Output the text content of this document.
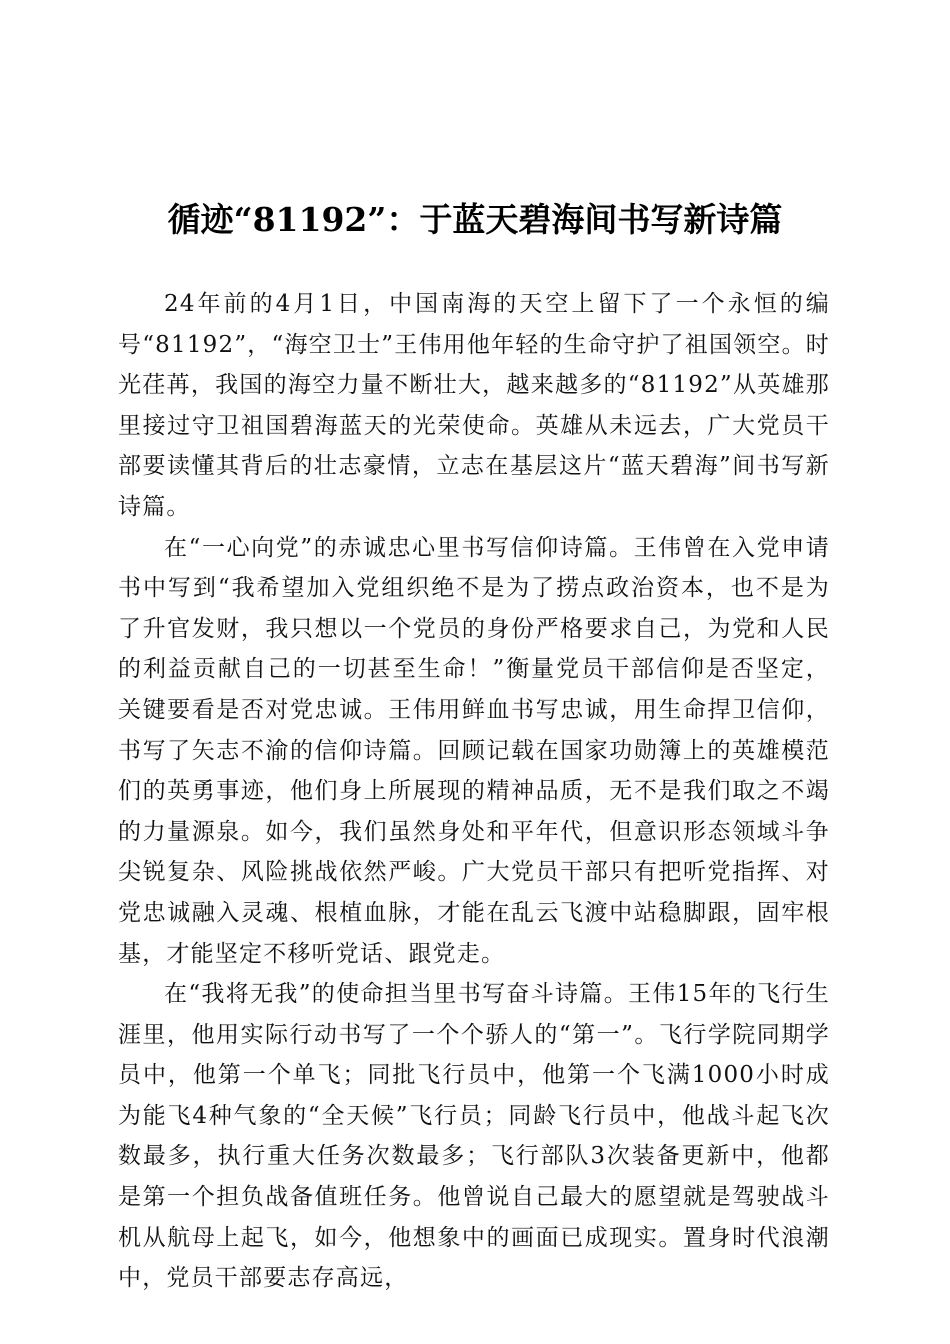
循迹“81192”：于蓝天碧海间书写新诗篇

24年前的4月1日，中国南海的天空上留下了一个永恒的编号“81192”，“海空卫士”王伟用他年轻的生命守护了祖国领空。时光荏苒，我国的海空力量不断壮大，越来越多的“81192”从英雄那里接过守卫祖国碧海蓝天的光荣使命。英雄从未远去，广大党员干部要读懂其背后的壮志豪情，立志在基层这片“蓝天碧海”间书写新诗篇。

在“一心向党”的赤诚忠心里书写信仰诗篇。王伟曾在入党申请书中写到“我希望加入党组织绝不是为了捞点政治资本，也不是为了升官发财，我只想以一个党员的身份严格要求自己，为党和人民的利益贡献自己的一切甚至生命！”衡量党员干部信仰是否坚定，关键要看是否对党忠诚。王伟用鲜血书写忠诚，用生命捍卫信仰，书写了矢志不渝的信仰诗篇。回顾记载在国家功勋簿上的英雄模范们的英勇事迹，他们身上所展现的精神品质，无不是我们取之不竭的力量源泉。如今，我们虽然身处和平年代，但意识形态领域斗争尖锐复杂、风险挑战依然严峻。广大党员干部只有把听党指挥、对党忠诚融入灵魂、根植血脉，才能在乱云飞渡中站稳脚跟，固牢根基，才能坚定不移听党话、跟党走。

在“我将无我”的使命担当里书写奋斗诗篇。王伟15年的飞行生涯里，他用实际行动书写了一个个骄人的“第一”。飞行学院同期学员中，他第一个单飞；同批飞行员中，他第一个飞满1000小时成为能飞4种气象的“全天候”飞行员；同龄飞行员中，他战斗起飞次数最多，执行重大任务次数最多；飞行部队3次装备更新中，他都是第一个担负战备值班任务。他曾说自己最大的愿望就是驾驶战斗机从航母上起飞，如今，他想象中的画面已成现实。置身时代浪潮中，党员干部要志存高远，
